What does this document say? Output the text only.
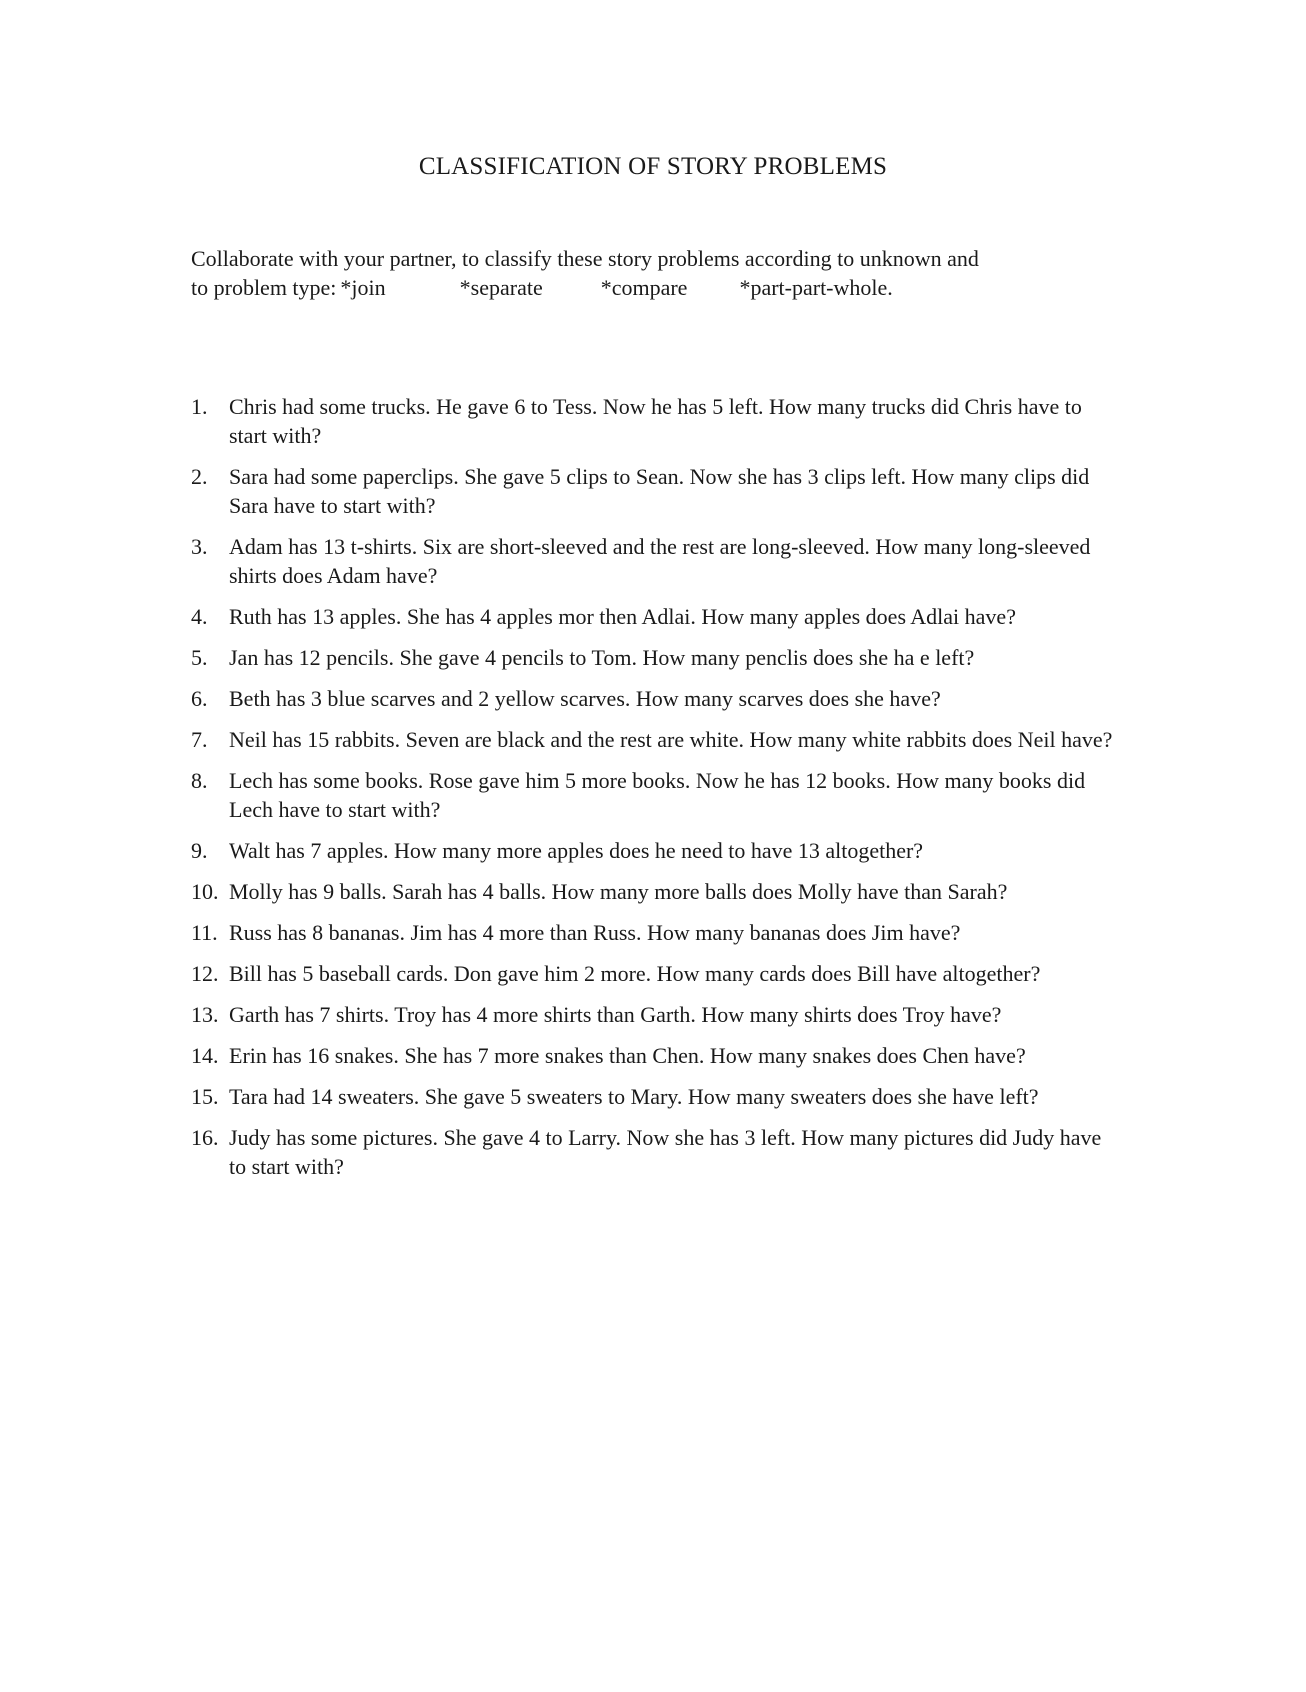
CLASSIFICATION OF STORY PROBLEMS
Collaborate with your partner, to classify these story problems according to unknown and
to problem type: *join	*separate	*compare *part-part-whole.
1. Chris had some trucks. He gave 6 to Tess. Now he has 5 left. How many trucks did Chris have to start with?
2. Sara had some paperclips. She gave 5 clips to Sean. Now she has 3 clips left. How many clips did Sara have to start with?
3. Adam has 13 t-shirts. Six are short-sleeved and the rest are long-sleeved. How many long-sleeved shirts does Adam have?
4. Ruth has 13 apples. She has 4 apples mor then Adlai. How many apples does Adlai have?
5. Jan has 12 pencils. She gave 4 pencils to Tom. How many penclis does she ha e left?
6. Beth has 3 blue scarves and 2 yellow scarves. How many scarves does she have?
7. Neil has 15 rabbits. Seven are black and the rest are white. How many white rabbits does Neil have?
8. Lech has some books. Rose gave him 5 more books. Now he has 12 books. How many books did Lech have to start with?
9. Walt has 7 apples. How many more apples does he need to have 13 altogether?
10. Molly has 9 balls. Sarah has 4 balls. How many more balls does Molly have than Sarah?
11. Russ has 8 bananas. Jim has 4 more than Russ. How many bananas does Jim have?
12. Bill has 5 baseball cards. Don gave him 2 more. How many cards does Bill have altogether?
13. Garth has 7 shirts. Troy has 4 more shirts than Garth. How many shirts does Troy have?
14. Erin has 16 snakes. She has 7 more snakes than Chen. How many snakes does Chen have?
15. Tara had 14 sweaters. She gave 5 sweaters to Mary. How many sweaters does she have left?
16. Judy has some pictures. She gave 4 to Larry. Now she has 3 left. How many pictures did Judy have to start with?
